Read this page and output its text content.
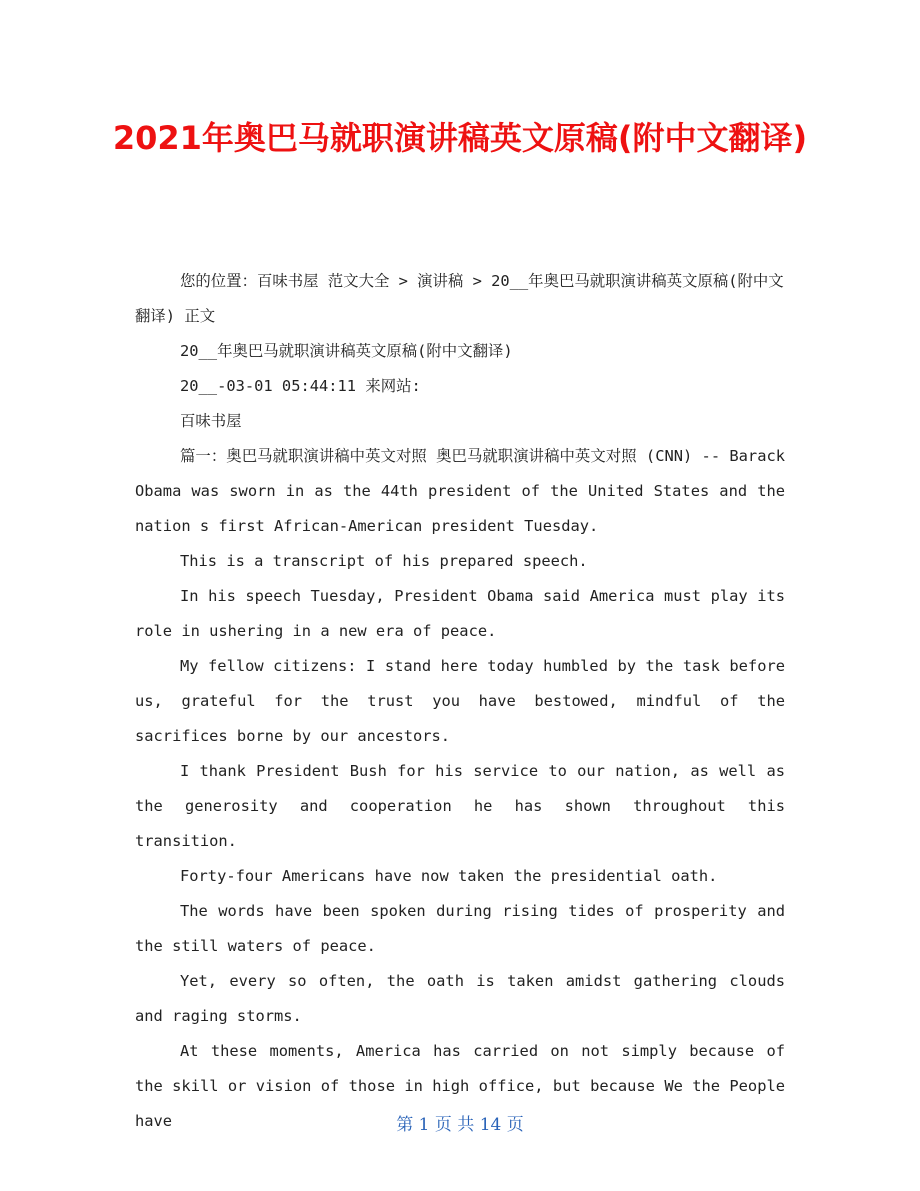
2021年奥巴马就职演讲稿英文原稿(附中文翻译)

您的位置：百味书屋 范文大全 > 演讲稿 > 20__年奥巴马就职演讲稿英文原稿(附中文翻译) 正文

20__年奥巴马就职演讲稿英文原稿(附中文翻译)

20__-03-01 05:44:11 来网站:

百味书屋

篇一：奥巴马就职演讲稿中英文对照 奥巴马就职演讲稿中英文对照 (CNN) -- Barack Obama was sworn in as the 44th president of the United States and the nation s first African-American president Tuesday.

This is a transcript of his prepared speech.

In his speech Tuesday, President Obama said America must play its role in ushering in a new era of peace.

My fellow citizens: I stand here today humbled by the task before us, grateful for the trust you have bestowed, mindful of the sacrifices borne by our ancestors.

I thank President Bush for his service to our nation, as well as the generosity and cooperation he has shown throughout this transition.

Forty-four Americans have now taken the presidential oath.

The words have been spoken during rising tides of prosperity and the still waters of peace.

Yet, every so often, the oath is taken amidst gathering clouds and raging storms.

At these moments, America has carried on not simply because of the skill or vision of those in high office, but because We the People have	第 1 页 共 14 页
